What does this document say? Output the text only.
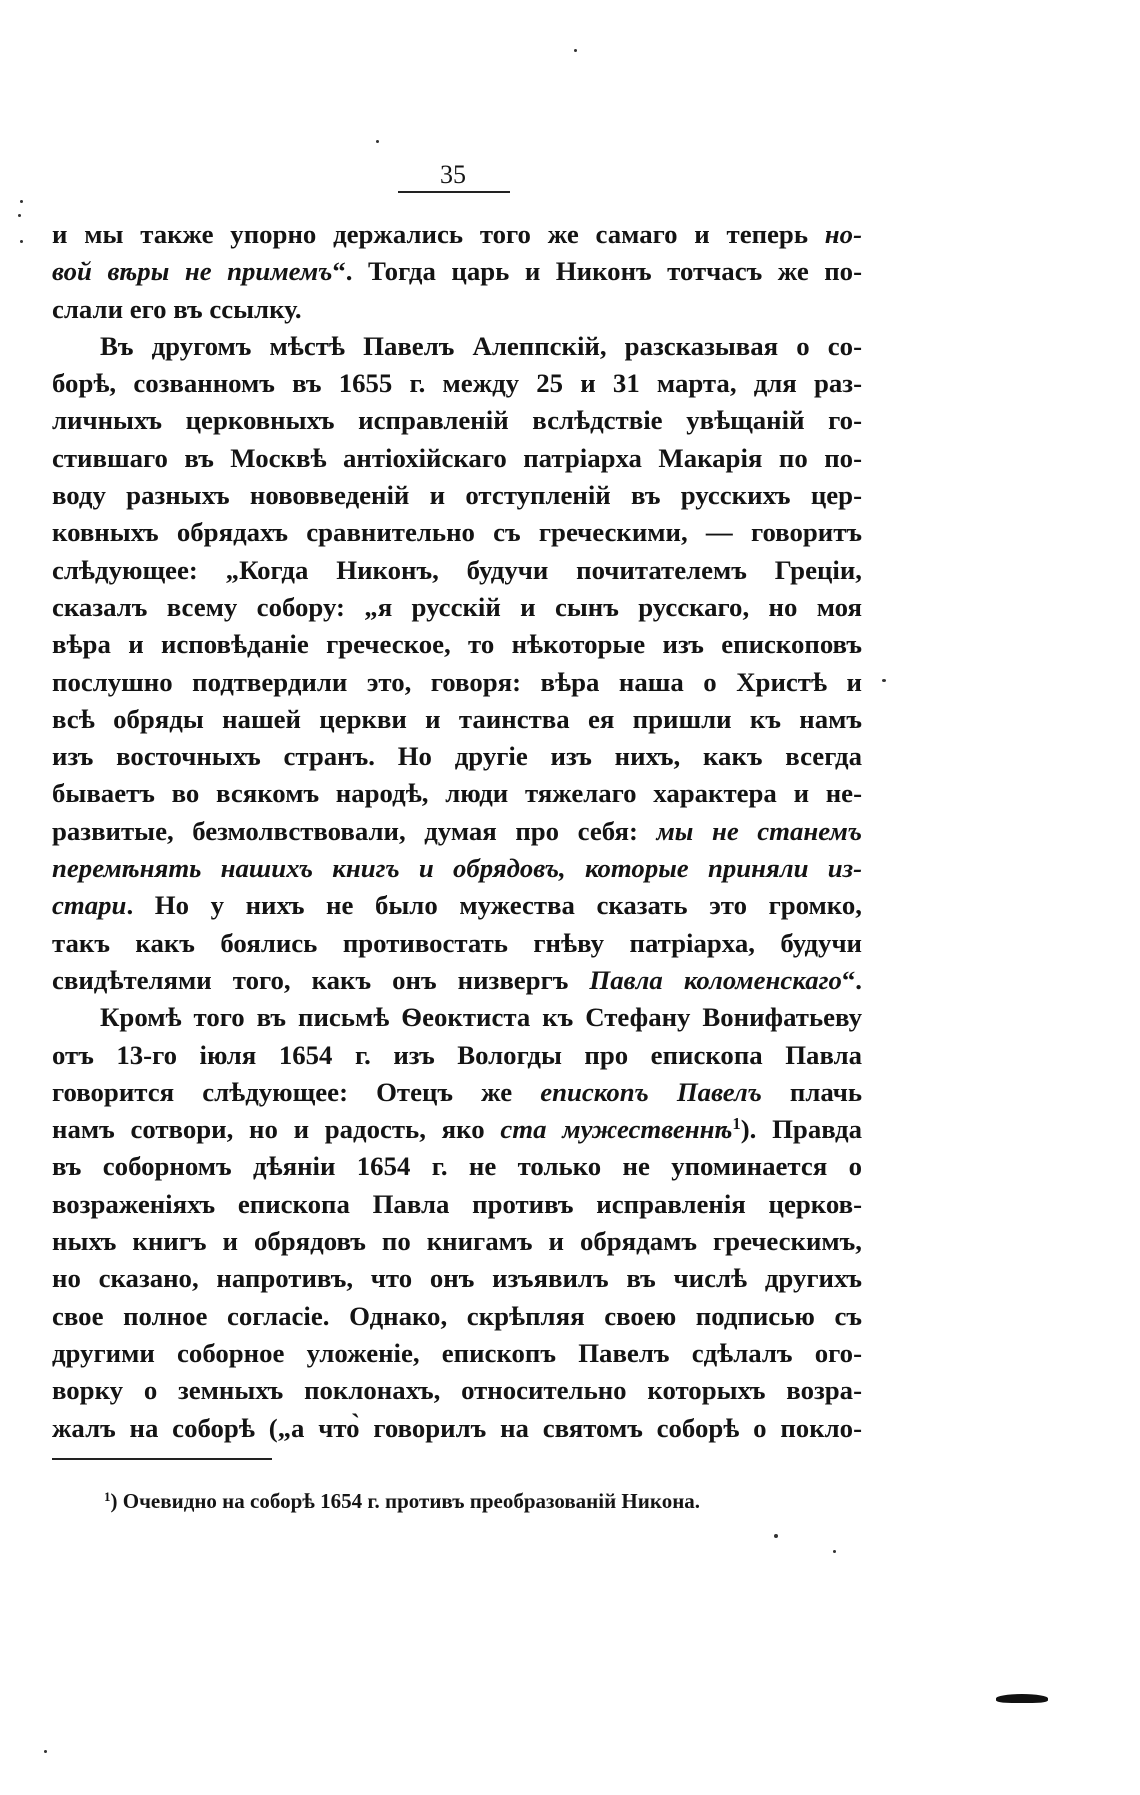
35
и мы также упорно держались того же самаго и теперь но-
вой вѣры не примемъ“. Тогда царь и Никонъ тотчасъ же по-
слали его въ ссылку.
Въ другомъ мѣстѣ Павелъ Алеппскій, разсказывая о со-
борѣ, созванномъ въ 1655 г. между 25 и 31 марта, для раз-
личныхъ церковныхъ исправленій вслѣдствіе увѣщаній го-
стившаго въ Москвѣ антіохійскаго патріарха Макарія по по-
воду разныхъ нововведеній и отступленій въ русскихъ цер-
ковныхъ обрядахъ сравнительно съ греческими, — говоритъ
слѣдующее: „Когда Никонъ, будучи почитателемъ Греціи,
сказалъ всему собору: „я русскій и сынъ русскаго, но моя
вѣра и исповѣданіе греческое, то нѣкоторые изъ епископовъ
послушно подтвердили это, говоря: вѣра наша о Христѣ и
всѣ обряды нашей церкви и таинства ея пришли къ намъ
изъ восточныхъ странъ. Но другіе изъ нихъ, какъ всегда
бываетъ во всякомъ народѣ, люди тяжелаго характера и не-
развитые, безмолвствовали, думая про себя: мы не станемъ
перемѣнять нашихъ книгъ и обрядовъ, которые приняли из-
стари. Но у нихъ не было мужества сказать это громко,
такъ какъ боялись противостать гнѣву патріарха, будучи
свидѣтелями того, какъ онъ низвергъ Павла коломенскаго“.
Кромѣ того въ письмѣ Ѳеоктиста къ Стефану Вонифатьеву
отъ 13-го іюля 1654 г. изъ Вологды про епископа Павла
говорится слѣдующее: Отецъ же епископъ Павелъ плачь
намъ сотвори, но и радость, яко ста мужественнѣ$^1$). Правда
въ соборномъ дѣяніи 1654 г. не только не упоминается о
возраженіяхъ епископа Павла противъ исправленія церков-
ныхъ книгъ и обрядовъ по книгамъ и обрядамъ греческимъ,
но сказано, напротивъ, что онъ изъявилъ въ числѣ другихъ
свое полное согласіе. Однако, скрѣпляя своею подписью съ
другими соборное уложеніе, епископъ Павелъ сдѣлалъ ого-
ворку о земныхъ поклонахъ, относительно которыхъ возра-
жалъ на соборѣ („а что̀ говорилъ на святомъ соборѣ о покло-
$^1$) Очевидно на соборѣ 1654 г. противъ преобразованій Никона.
